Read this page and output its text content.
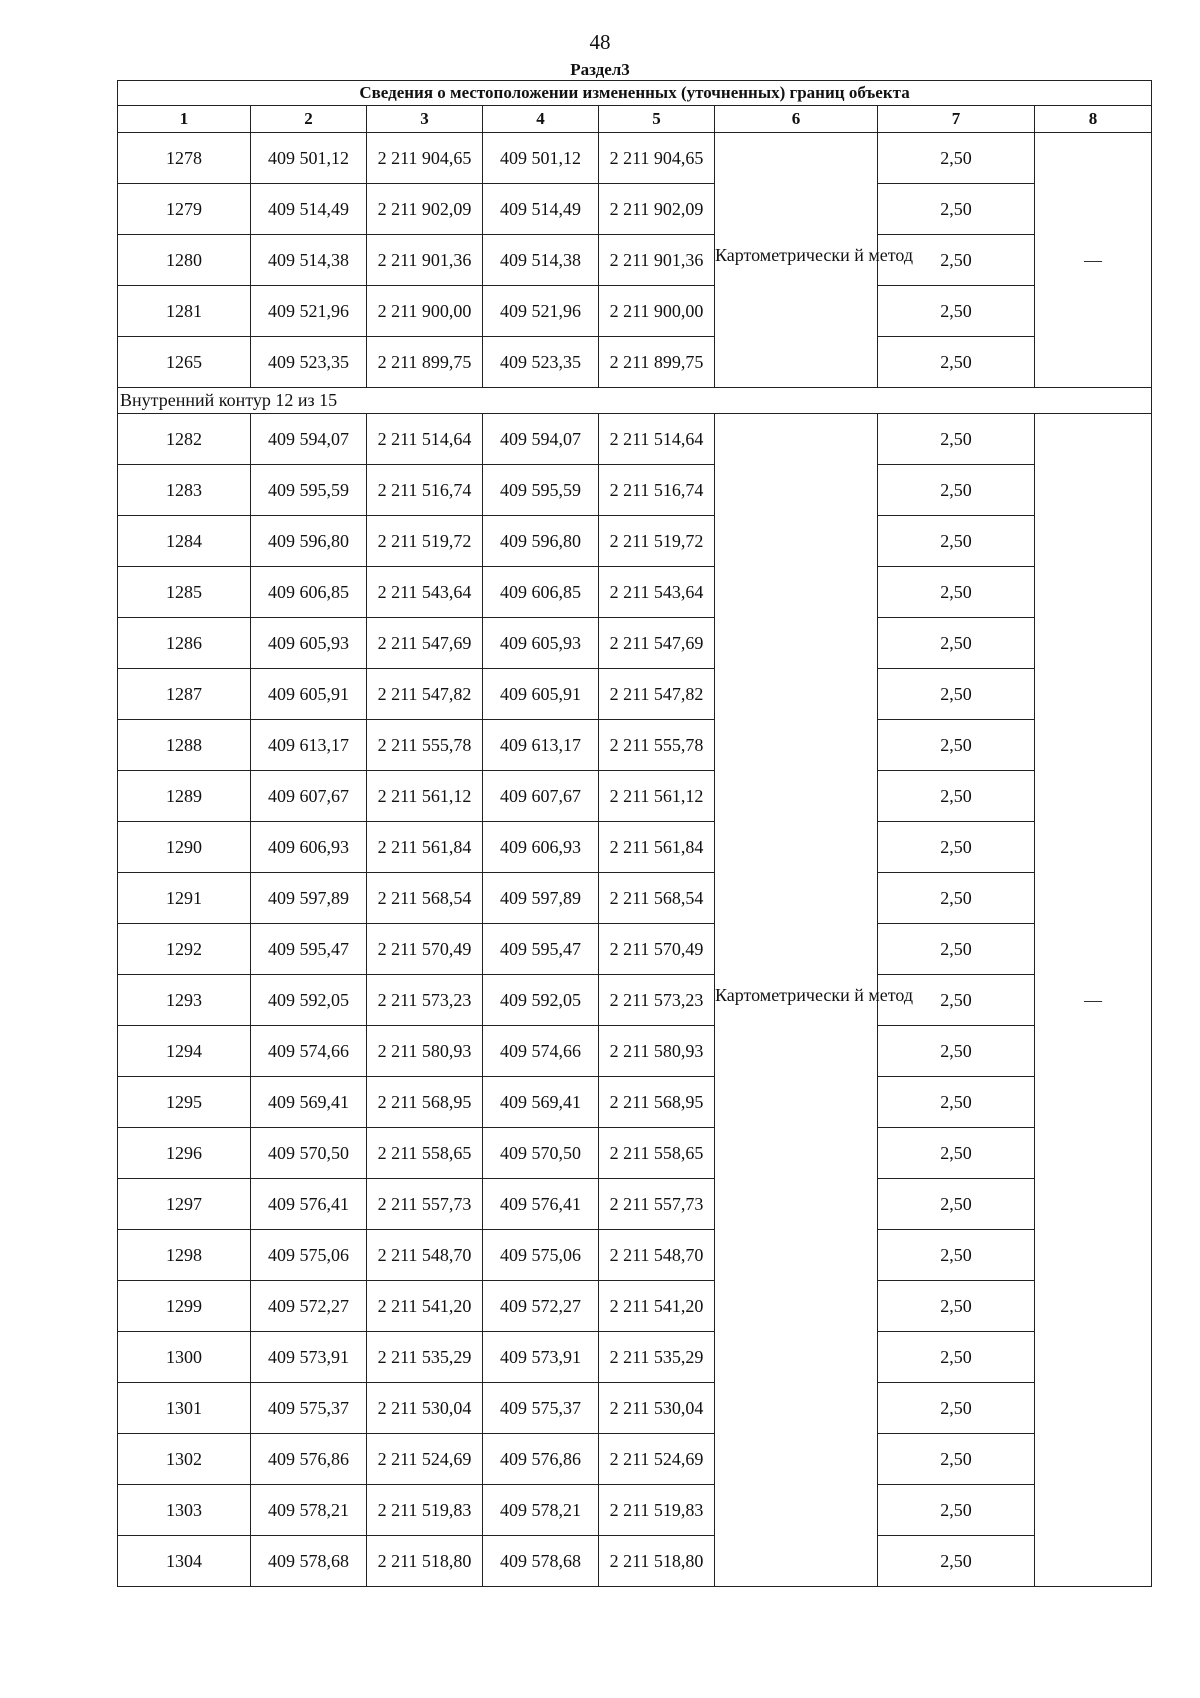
48
Раздел3
Сведения о местоположении измененных (уточненных) границ объекта							
1	2	3	4	5	6	7	8
1278	409 501,12	2 211 904,65	409 501,12	2 211 904,65	Картометрически й метод	2,50	—
1279	409 514,49	2 211 902,09	409 514,49	2 211 902,09		2,50	
1280	409 514,38	2 211 901,36	409 514,38	2 211 901,36		2,50	
1281	409 521,96	2 211 900,00	409 521,96	2 211 900,00		2,50	
1265	409 523,35	2 211 899,75	409 523,35	2 211 899,75		2,50	
Внутренний контур 12 из 15							
1282	409 594,07	2 211 514,64	409 594,07	2 211 514,64	Картометрически й метод	2,50	—
1283	409 595,59	2 211 516,74	409 595,59	2 211 516,74		2,50	
1284	409 596,80	2 211 519,72	409 596,80	2 211 519,72		2,50	
1285	409 606,85	2 211 543,64	409 606,85	2 211 543,64		2,50	
1286	409 605,93	2 211 547,69	409 605,93	2 211 547,69		2,50	
1287	409 605,91	2 211 547,82	409 605,91	2 211 547,82		2,50	
1288	409 613,17	2 211 555,78	409 613,17	2 211 555,78		2,50	
1289	409 607,67	2 211 561,12	409 607,67	2 211 561,12		2,50	
1290	409 606,93	2 211 561,84	409 606,93	2 211 561,84		2,50	
1291	409 597,89	2 211 568,54	409 597,89	2 211 568,54		2,50	
1292	409 595,47	2 211 570,49	409 595,47	2 211 570,49		2,50	
1293	409 592,05	2 211 573,23	409 592,05	2 211 573,23		2,50	
1294	409 574,66	2 211 580,93	409 574,66	2 211 580,93		2,50	
1295	409 569,41	2 211 568,95	409 569,41	2 211 568,95		2,50	
1296	409 570,50	2 211 558,65	409 570,50	2 211 558,65		2,50	
1297	409 576,41	2 211 557,73	409 576,41	2 211 557,73		2,50	
1298	409 575,06	2 211 548,70	409 575,06	2 211 548,70		2,50	
1299	409 572,27	2 211 541,20	409 572,27	2 211 541,20		2,50	
1300	409 573,91	2 211 535,29	409 573,91	2 211 535,29		2,50	
1301	409 575,37	2 211 530,04	409 575,37	2 211 530,04		2,50	
1302	409 576,86	2 211 524,69	409 576,86	2 211 524,69		2,50	
1303	409 578,21	2 211 519,83	409 578,21	2 211 519,83		2,50	
1304	409 578,68	2 211 518,80	409 578,68	2 211 518,80		2,50	
